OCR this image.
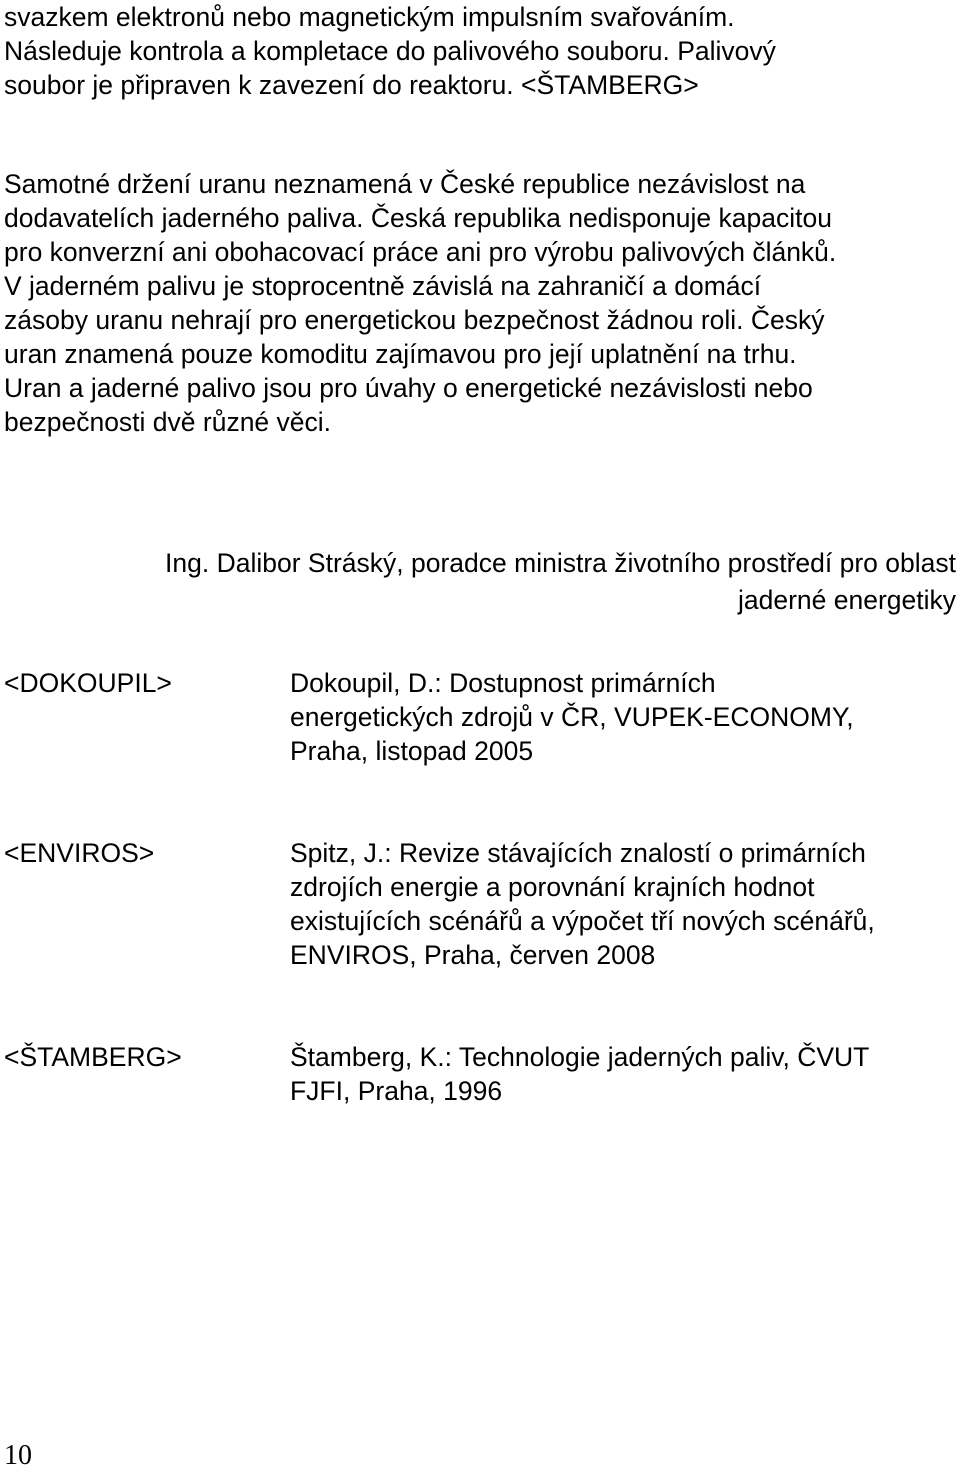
svazkem elektronů nebo magnetickým impulsním svařováním.
Následuje kontrola a kompletace do palivového souboru. Palivový
soubor je připraven k zavezení do reaktoru. <ŠTAMBERG>

Samotné držení uranu neznamená v České republice nezávislost na
dodavatelích jaderného paliva. Česká republika nedisponuje kapacitou
pro konverzní ani obohacovací práce ani pro výrobu palivových článků.
V jaderném palivu je stoprocentně závislá na zahraničí a domácí
zásoby uranu nehrají pro energetickou bezpečnost žádnou roli. Český
uran znamená pouze komoditu zajímavou pro její uplatnění na trhu.
Uran a jaderné palivo jsou pro úvahy o energetické nezávislosti nebo
bezpečnosti dvě různé věci.

Ing. Dalibor Stráský, poradce ministra životního prostředí pro oblast
jaderné energetiky
<DOKOUPIL>	Dokoupil, D.: Dostupnost primárních
energetických zdrojů v ČR, VUPEK-ECONOMY,
Praha, listopad 2005
<ENVIROS>	Spitz, J.: Revize stávajících znalostí o primárních
zdrojích energie a porovnání krajních hodnot
existujících scénářů a výpočet tří nových scénářů,
ENVIROS, Praha, červen 2008
<ŠTAMBERG>	Štamberg, K.: Technologie jaderných paliv, ČVUT
FJFI, Praha, 1996
10
